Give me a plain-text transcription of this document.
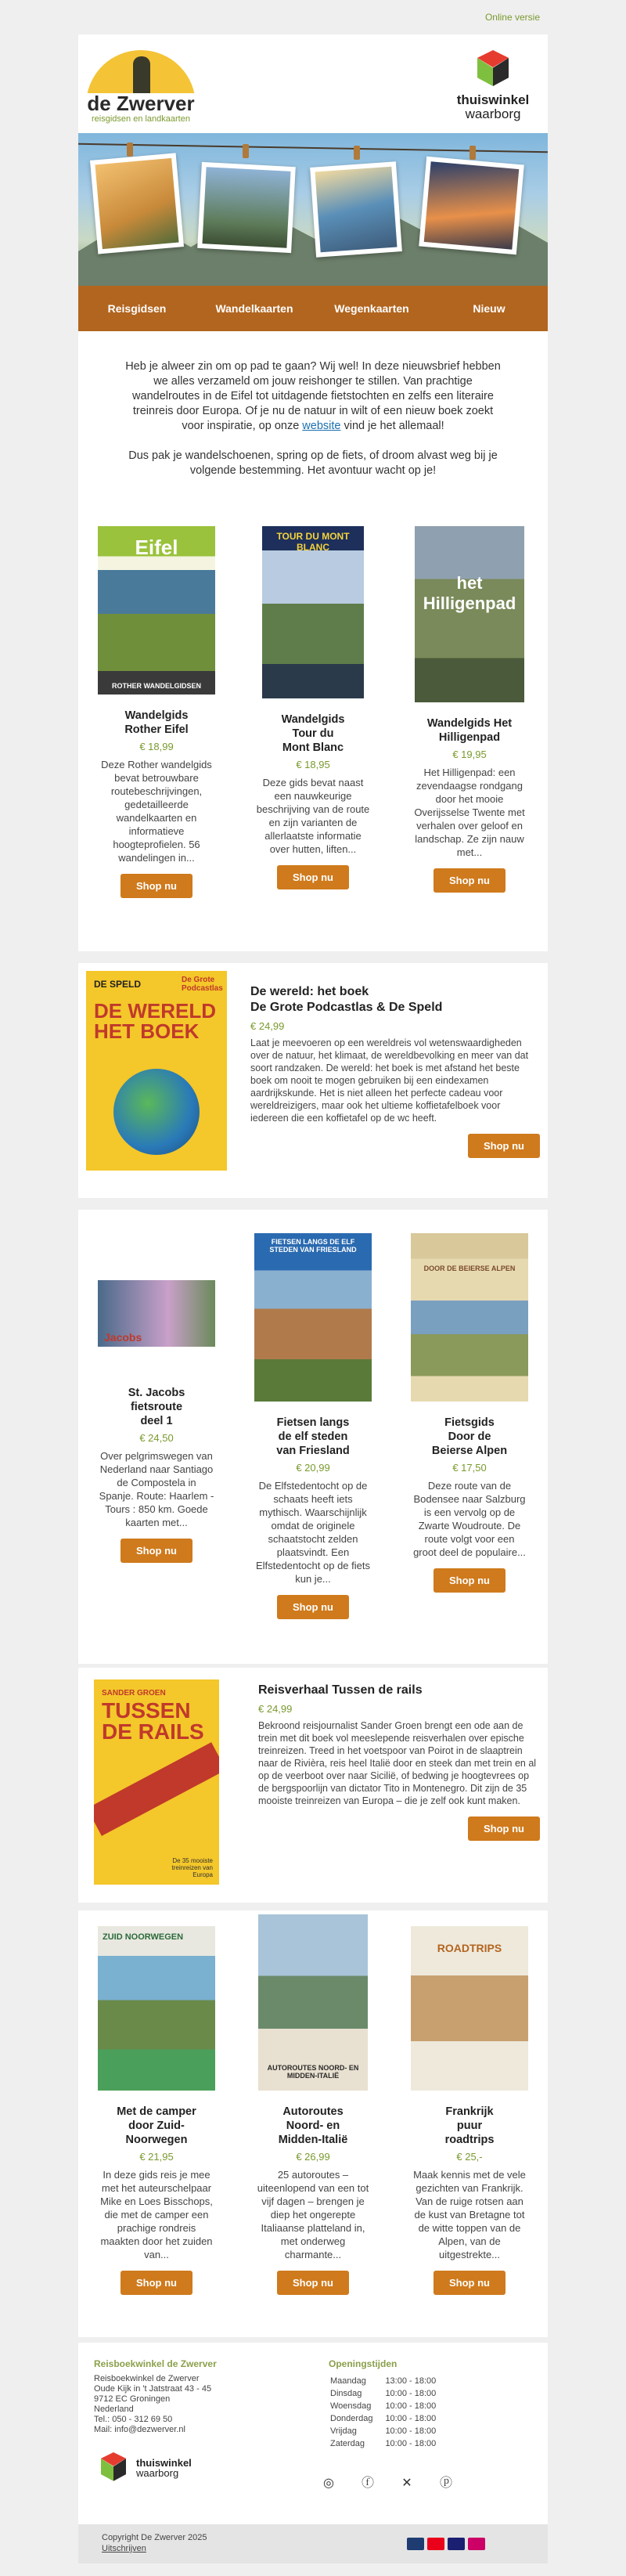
Online versie
de Zwerver
reisgidsen en landkaarten
thuiswinkel
waarborg
Reisgidsen	Wandelkaarten	Wegenkaarten	Nieuw

Heb je alweer zin om op pad te gaan? Wij wel! In deze nieuwsbrief hebben we alles verzameld om jouw reishonger te stillen. Van prachtige wandelroutes in de Eifel tot uitdagende fietstochten en zelfs een literaire treinreis door Europa. Of je nu de natuur in wilt of een nieuw boek zoekt voor inspiratie, op onze website vind je het allemaal!

Dus pak je wandelschoenen, spring op de fiets, of droom alvast weg bij je volgende bestemming. Het avontuur wacht op je!

Eifel
ROTHER WANDELGIDSEN
Wandelgids Rother Eifel
€ 18,99
Deze Rother wandelgids bevat betrouwbare routebeschrijvingen, gedetailleerde wandelkaarten en informatieve hoogteprofielen. 56 wandelingen in...
Shop nu
TOUR DU MONT BLANC
Wandelgids Tour du Mont Blanc
€ 18,95
Deze gids bevat naast een nauwkeurige beschrijving van de route en zijn varianten de allerlaatste informatie over hutten, liften...
Shop nu
het Hilligenpad
Wandelgids Het Hilligenpad
€ 19,95
Het Hilligenpad: een zevendaagse rondgang door het mooie Overijsselse Twente met verhalen over geloof en landschap. Ze zijn nauw met...
Shop nu
DE SPELD	De Grote Podcastlas
DE WERELD HET BOEK
De wereld: het boek
De Grote Podcastlas & De Speld
€ 24,99
Laat je meevoeren op een wereldreis vol wetenswaardigheden over de natuur, het klimaat, de wereldbevolking en meer van dat soort randzaken. De wereld: het boek is met afstand het beste boek om nooit te mogen gebruiken bij een eindexamen aardrijkskunde. Het is niet alleen het perfecte cadeau voor wereldreizigers, maar ook het ultieme koffietafelboek voor iedereen die een koffietafel op de wc heeft.
Shop nu
Jacobs
St. Jacobs fietsroute deel 1
€ 24,50
Over pelgrimswegen van Nederland naar Santiago de Compostela in Spanje. Route: Haarlem - Tours : 850 km. Goede kaarten met...
Shop nu
FIETSEN LANGS DE ELF STEDEN VAN FRIESLAND
Fietsen langs de elf steden van Friesland
€ 20,99
De Elfstedentocht op de schaats heeft iets mythisch. Waarschijnlijk omdat de originele schaatstocht zelden plaatsvindt. Een Elfstedentocht op de fiets kun je...
Shop nu
DOOR DE BEIERSE ALPEN
Fietsgids Door de Beierse Alpen
€ 17,50
Deze route van de Bodensee naar Salzburg is een vervolg op de Zwarte Woudroute. De route volgt voor een groot deel de populaire...
Shop nu
SANDER GROEN
TUSSEN DE RAILS
De 35 mooiste treinreizen van Europa
Reisverhaal Tussen de rails
€ 24,99
Bekroond reisjournalist Sander Groen brengt een ode aan de trein met dit boek vol meeslepende reisverhalen over epische treinreizen. Treed in het voetspoor van Poirot in de slaaptrein naar de Rivièra, reis heel Italië door en steek dan met trein en al op de veerboot over naar Sicilië, of bedwing je hoogtevrees op de bergspoorlijn van dictator Tito in Montenegro. Dit zijn de 35 mooiste treinreizen van Europa – die je zelf ook kunt maken.
Shop nu
ZUID NOORWEGEN
Met de camper door Zuid-Noorwegen
€ 21,95
In deze gids reis je mee met het auteurschelpaar Mike en Loes Bisschops, die met de camper een prachige rondreis maakten door het zuiden van...
Shop nu
AUTOROUTES NOORD- EN MIDDEN-ITALIË
Autoroutes Noord- en Midden-Italië
€ 26,99
25 autoroutes – uiteenlopend van een tot vijf dagen – brengen je diep het ongerepte Italiaanse platteland in, met onderweg charmante...
Shop nu
ROADTRIPS
Frankrijk puur roadtrips
€ 25,-
Maak kennis met de vele gezichten van Frankrijk. Van de ruige rotsen aan de kust van Bretagne tot de witte toppen van de Alpen, van de uitgestrekte...
Shop nu
Reisboekwinkel de Zwerver
Reisboekwinkel de Zwerver
Oude Kijk in 't Jatstraat 43 - 45
9712 EC Groningen
Nederland
Tel.: 050 - 312 69 50
Mail: info@dezwerver.nl
thuiswinkel
waarborg
Openingstijden
Maandag	13:00 - 18:00
Dinsdag	10:00 - 18:00
Woensdag	10:00 - 18:00
Donderdag	10:00 - 18:00
Vrijdag	10:00 - 18:00
Zaterdag	10:00 - 18:00
◎ ⓕ ✕ ⓟ
Copyright De Zwerver 2025
Uitschrijven
